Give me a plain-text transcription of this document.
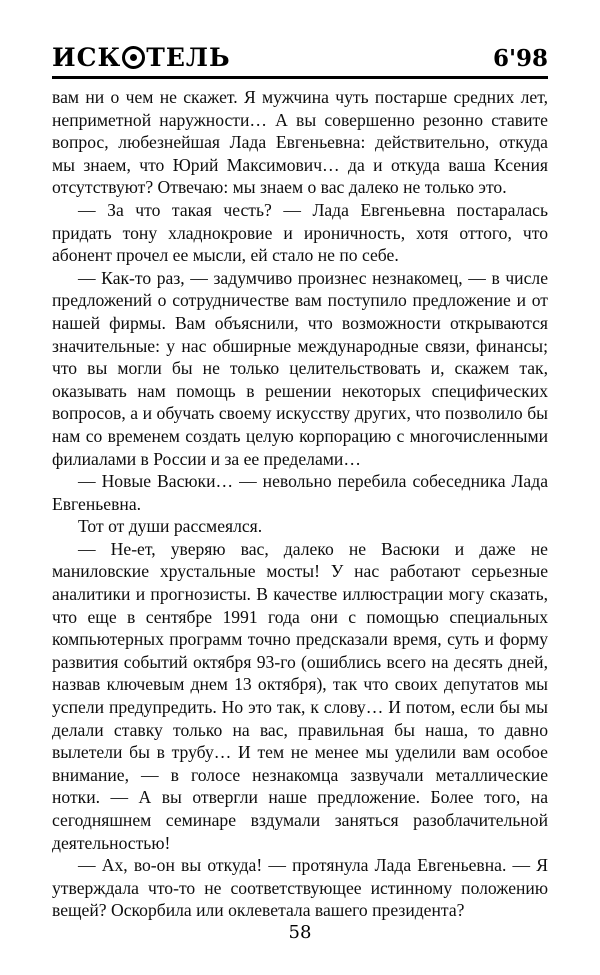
ИСК ТЕЛЬ	6'98

вам ни о чем не скажет. Я мужчина чуть постарше средних лет, неприметной наружности… А вы совершенно резонно ставите вопрос, любезнейшая Лада Евгеньевна: действительно, откуда мы знаем, что Юрий Максимович… да и откуда ваша Ксения отсутствуют? Отвечаю: мы знаем о вас далеко не только это.

— За что такая честь? — Лада Евгеньевна постаралась придать тону хладнокровие и ироничность, хотя оттого, что абонент прочел ее мысли, ей стало не по себе.

— Как-то раз, — задумчиво произнес незнакомец, — в числе предложений о сотрудничестве вам поступило предложение и от нашей фирмы. Вам объяснили, что возможности открываются значительные: у нас обширные международные связи, финансы; что вы могли бы не только целительствовать и, скажем так, оказывать нам помощь в решении некоторых специфических вопросов, а и обучать своему искусству других, что позволило бы нам со временем создать целую корпорацию с многочисленными филиалами в России и за ее пределами…

— Новые Васюки… — невольно перебила собеседника Лада Евгеньевна.

Тот от души рассмеялся.

— Не-ет, уверяю вас, далеко не Васюки и даже не маниловские хрустальные мосты! У нас работают серьезные аналитики и прогнозисты. В качестве иллюстрации могу сказать, что еще в сентябре 1991 года они с помощью специальных компьютерных программ точно предсказали время, суть и форму развития событий октября 93-го (ошиблись всего на десять дней, назвав ключевым днем 13 октября), так что своих депутатов мы успели предупредить. Но это так, к слову… И потом, если бы мы делали ставку только на вас, правильная бы наша, то давно вылетели бы в трубу… И тем не менее мы уделили вам особое внимание, — в голосе незнакомца зазвучали металлические нотки. — А вы отвергли наше предложение. Более того, на сегодняшнем семинаре вздумали заняться разоблачительной деятельностью!

— Ах, во-он вы откуда! — протянула Лада Евгеньевна. — Я утверждала что-то не соответствующее истинному положению вещей? Оскорбила или оклеветала вашего президента?

58
